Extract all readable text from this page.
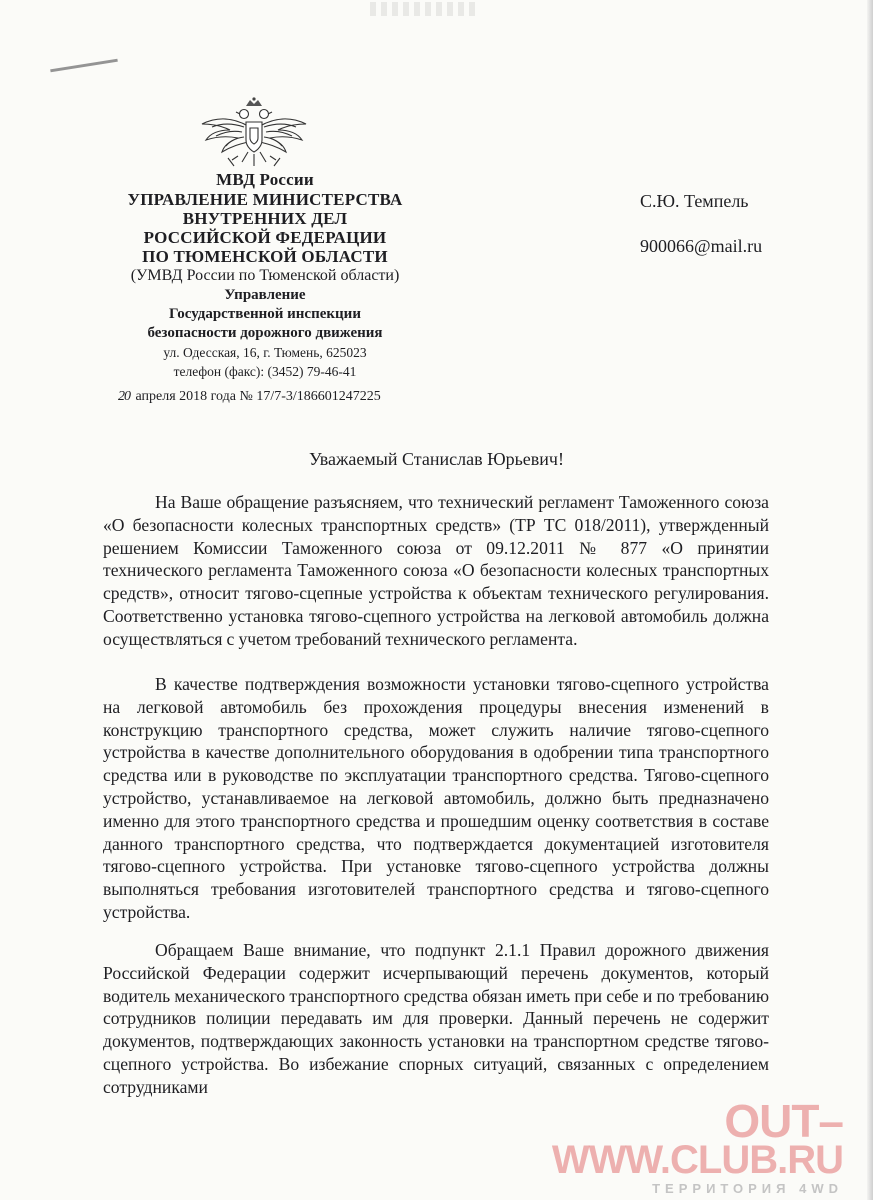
МВД России
УПРАВЛЕНИЕ МИНИСТЕРСТВА
ВНУТРЕННИХ ДЕЛ
РОССИЙСКОЙ ФЕДЕРАЦИИ
ПО ТЮМЕНСКОЙ ОБЛАСТИ
(УМВД России по Тюменской области)
Управление
Государственной инспекции
безопасности дорожного движения
ул. Одесская, 16, г. Тюмень, 625023
телефон (факс): (3452) 79-46-41
20 апреля 2018 года № 17/7-3/186601247225
С.Ю. Темпель
900066@mail.ru
Уважаемый Станислав Юрьевич!
На Ваше обращение разъясняем, что технический регламент Таможенного союза «О безопасности колесных транспортных средств» (ТР ТС 018/2011), утвержденный решением Комиссии Таможенного союза от 09.12.2011 № 877 «О принятии технического регламента Таможенного союза «О безопасности колесных транспортных средств», относит тягово-сцепные устройства к объектам технического регулирования. Соответственно установка тягово-сцепного устройства на легковой автомобиль должна осуществляться с учетом требований технического регламента.
В качестве подтверждения возможности установки тягово-сцепного устройства на легковой автомобиль без прохождения процедуры внесения изменений в конструкцию транспортного средства, может служить наличие тягово-сцепного устройства в качестве дополнительного оборудования в одобрении типа транспортного средства или в руководстве по эксплуатации транспортного средства. Тягово-сцепного устройство, устанавливаемое на легковой автомобиль, должно быть предназначено именно для этого транспортного средства и прошедшим оценку соответствия в составе данного транспортного средства, что подтверждается документацией изготовителя тягово-сцепного устройства. При установке тягово-сцепного устройства должны выполняться требования изготовителей транспортного средства и тягово-сцепного устройства.
Обращаем Ваше внимание, что подпункт 2.1.1 Правил дорожного движения Российской Федерации содержит исчерпывающий перечень документов, который водитель механического транспортного средства обязан иметь при себе и по требованию сотрудников полиции передавать им для проверки. Данный перечень не содержит документов, подтверждающих законность установки на транспортном средстве тягово-сцепного устройства. Во избежание спорных ситуаций, связанных с определением сотрудниками
OUT–
WWW.CLUB.RU
ТЕРРИТОРИЯ 4WD
